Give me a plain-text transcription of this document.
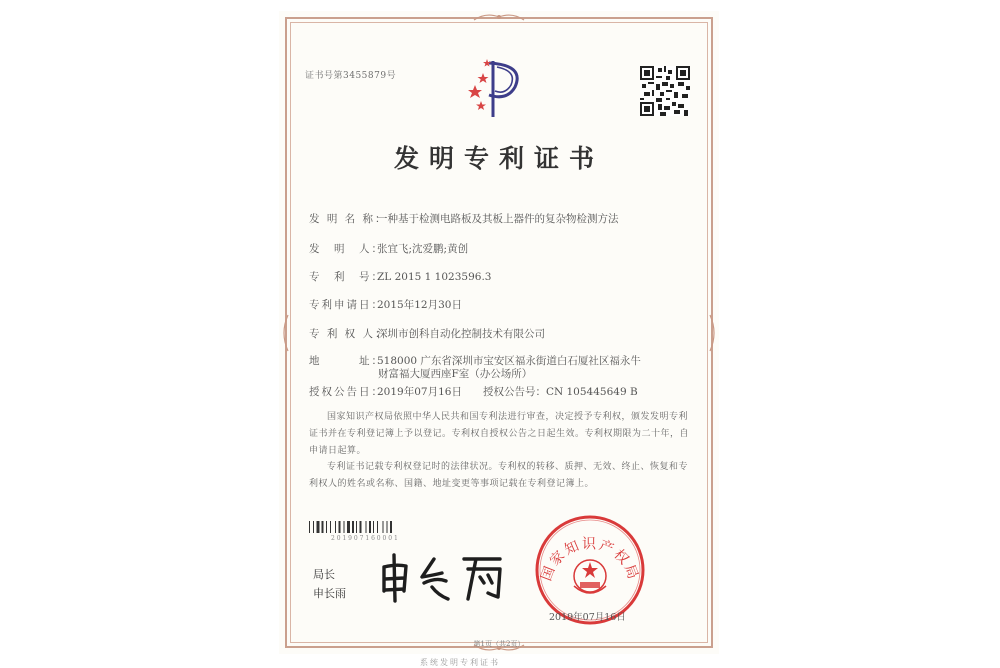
证书号第3455879号
发明专利证书
发 明 名 称：一种基于检测电路板及其板上器件的复杂物检测方法
发　明　人：张宜飞;沈爱鹏;黄创
专　利　号：ZL 2015 1 1023596.3
专利申请日：2015年12月30日
专 利 权 人：深圳市创科自动化控制技术有限公司
地　　　址：518000 广东省深圳市宝安区福永街道白石厦社区福永牛
财富福大厦西座F室（办公场所）
授权公告日：2019年07月16日　　授权公告号：CN 105445649 B
国家知识产权局依照中华人民共和国专利法进行审查，决定授予专利权，颁发发明专利证书并在专利登记簿上予以登记。专利权自授权公告之日起生效。专利权期限为二十年，自申请日起算。
专利证书记载专利权登记时的法律状况。专利权的转移、质押、无效、终止、恢复和专利权人的姓名或名称、国籍、地址变更等事项记载在专利登记簿上。
2 0 1 9 0 7 1 6 0 0 0 1
局长
申长雨
国家知识产权局
2019年07月16日
第1页（共2页）
系统发明专利证书
